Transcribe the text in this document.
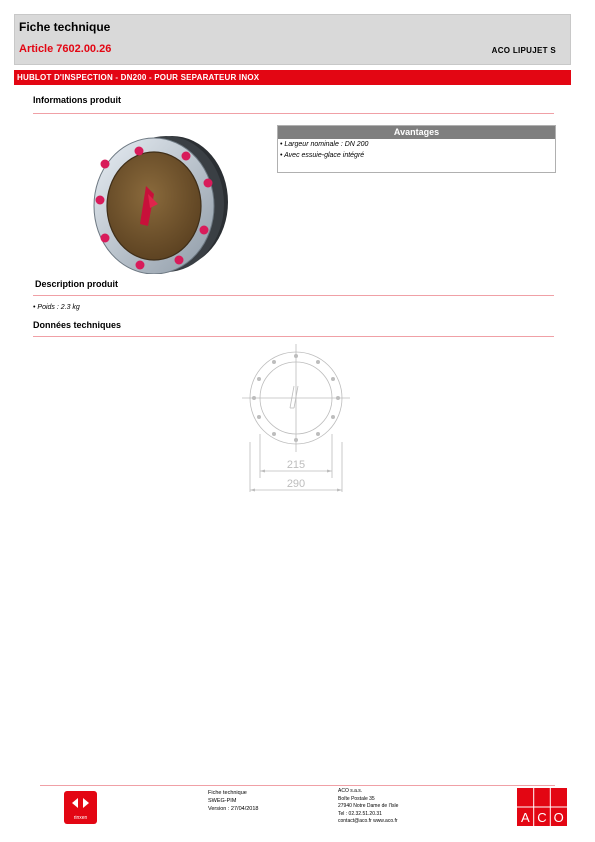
Fiche technique
Article 7602.00.26	ACO LIPUJET S
HUBLOT D'INSPECTION - DN200 - POUR SEPARATEUR INOX
Informations produit
Avantages
• Largeur nominale : DN 200
• Avec essuie-glace intégré
Description produit
• Poids : 2.3 kg
Données techniques
215
290
rinxen
Fiche technique
SWEG-PIM
Version : 27/04/2018
ACO s.a.s.
Boîte Postale 35
27940 Notre Dame de l'Isle
Tel : 02.32.51.20.31
contact@aco.fr www.aco.fr	A C O
